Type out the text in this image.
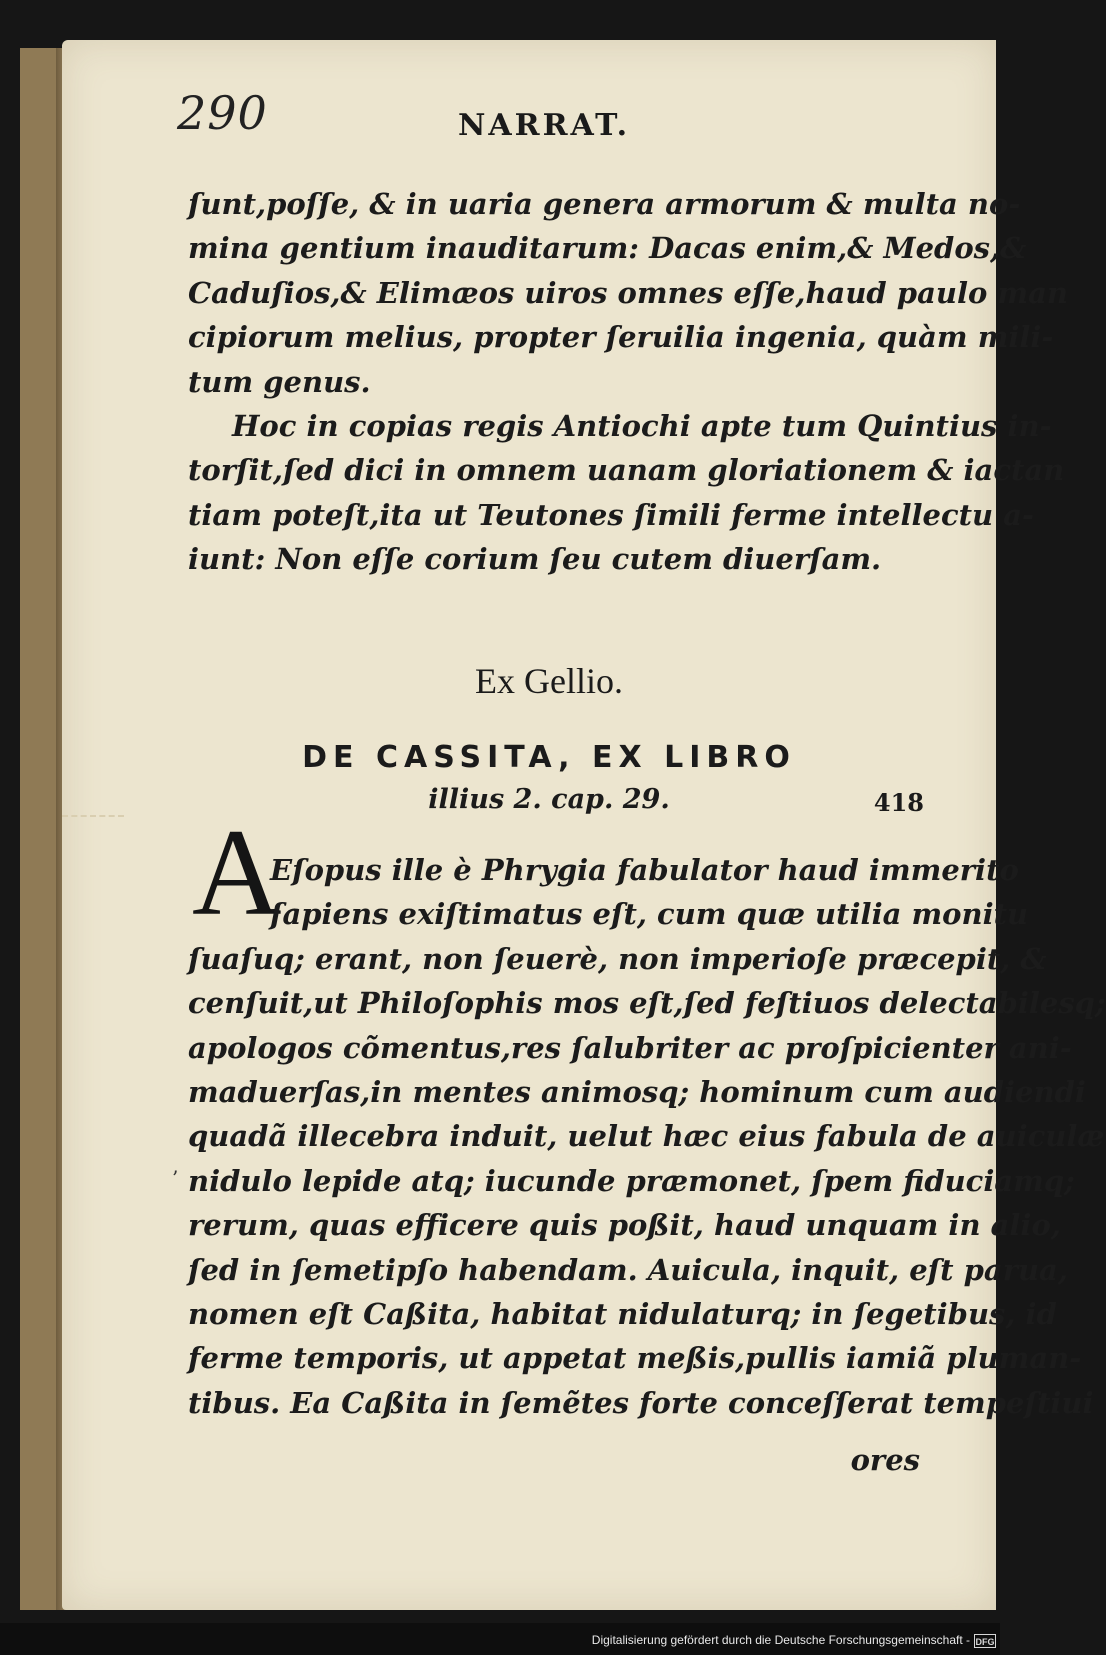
290	NARRAT.
ſunt,poſſe, & in uaria genera armorum & multa no-
mina gentium inauditarum: Dacas enim,& Medos,&
Caduſios,& Elimæos uiros omnes eſſe,haud paulo man
cipiorum melius, propter ſeruilia ingenia, quàm mili-
tum genus.
Hoc in copias regis Antiochi apte tum Quintius in-
torſit,ſed dici in omnem uanam gloriationem & iactan
tiam poteſt,ita ut Teutones ſimili ferme intellectu a-
iunt: Non eſſe corium ſeu cutem diuerſam.
Ex Gellio.
DE CASSITA, EX LIBRO
illius 2. cap. 29.	418
A
’
Eſopus ille è Phrygia fabulator haud immerito
ſapiens exiſtimatus eſt, cum quæ utilia monitu
ſuaſuq; erant, non ſeuerè, non imperioſe præcepit, &
cenſuit,ut Philoſophis mos eſt,ſed feſtiuos delectabilesq;
apologos cõmentus,res ſalubriter ac proſpicienter ani-
maduerſas,in mentes animosq; hominum cum audiendi
quadã illecebra induit, uelut hæc eius fabula de auiculæ
nidulo lepide atq; iucunde præmonet, ſpem fiduciamq;
rerum, quas efficere quis poßit, haud unquam in alio,
ſed in ſemetipſo habendam. Auicula, inquit, eſt parua,
nomen eſt Caßita, habitat nidulaturq; in ſegetibus, id
ferme temporis, ut appetat meßis,pullis iamiã pluman-
tibus. Ea Caßita in ſemẽtes forte conceſſerat tempeſtiui
ores
Digitalisierung gefördert durch die Deutsche Forschungsgemeinschaft - DFG
